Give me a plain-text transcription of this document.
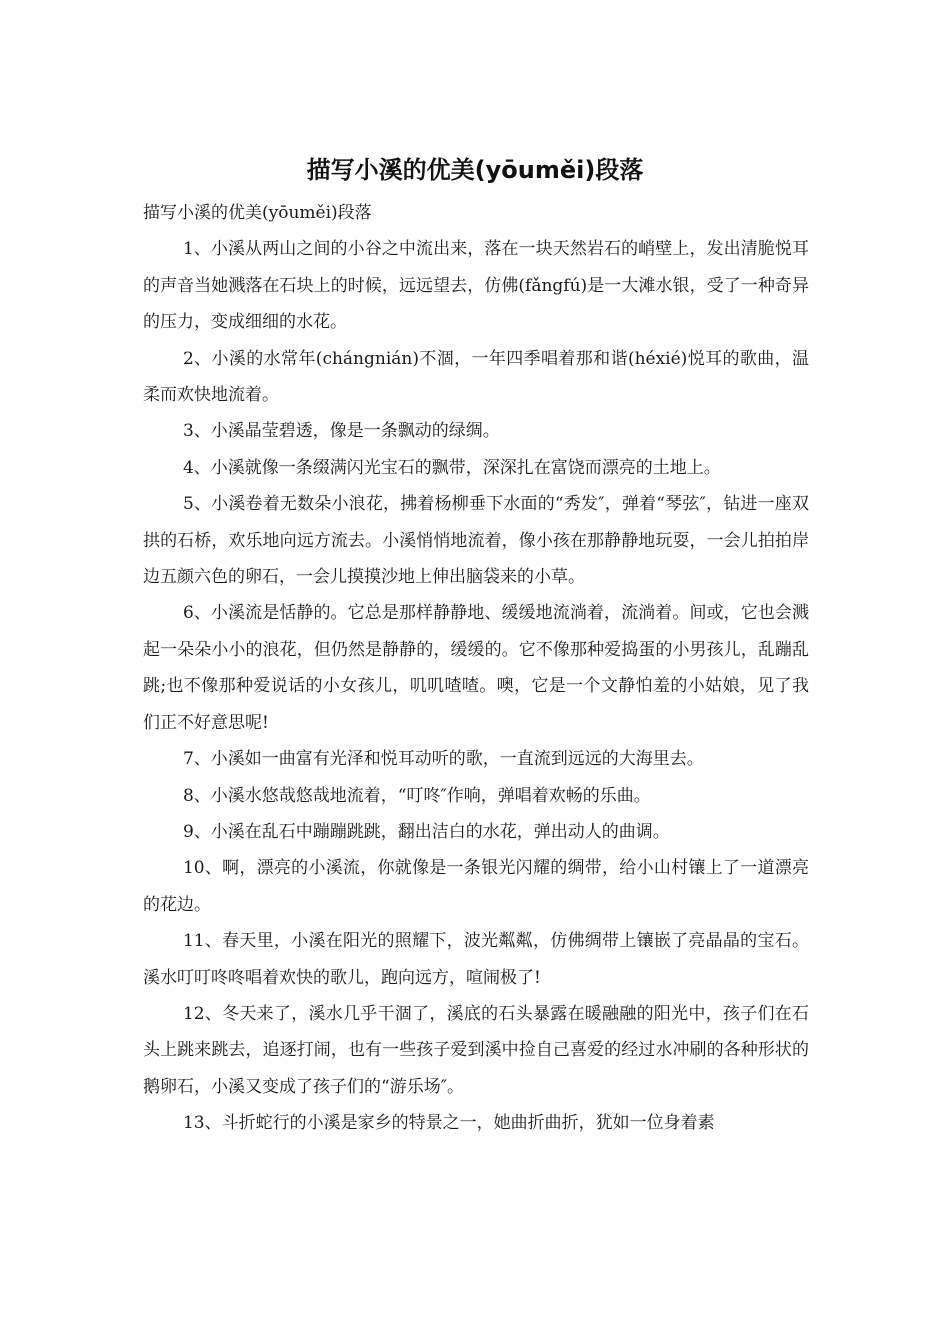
描写小溪的优美(yōuměi)段落

描写小溪的优美(yōuměi)段落

1、小溪从两山之间的小谷之中流出来，落在一块天然岩石的峭壁上，发出清脆悦耳的声音当她溅落在石块上的时候，远远望去，仿佛(fǎngfú)是一大滩水银，受了一种奇异的压力，变成细细的水花。

2、小溪的水常年(chángnián)不涸，一年四季唱着那和谐(héxié)悦耳的歌曲，温柔而欢快地流着。

3、小溪晶莹碧透，像是一条飘动的绿绸。

4、小溪就像一条缀满闪光宝石的飘带，深深扎在富饶而漂亮的土地上。

5、小溪卷着无数朵小浪花，拂着杨柳垂下水面的“秀发″，弹着“琴弦″，钻进一座双拱的石桥，欢乐地向远方流去。小溪悄悄地流着，像小孩在那静静地玩耍，一会儿拍拍岸边五颜六色的卵石，一会儿摸摸沙地上伸出脑袋来的小草。

6、小溪流是恬静的。它总是那样静静地、缓缓地流淌着，流淌着。间或，它也会溅起一朵朵小小的浪花，但仍然是静静的，缓缓的。它不像那种爱捣蛋的小男孩儿，乱蹦乱跳;也不像那种爱说话的小女孩儿，叽叽喳喳。噢，它是一个文静怕羞的小姑娘，见了我们正不好意思呢!

7、小溪如一曲富有光泽和悦耳动听的歌，一直流到远远的大海里去。

8、小溪水悠哉悠哉地流着，“叮咚″作响，弹唱着欢畅的乐曲。

9、小溪在乱石中蹦蹦跳跳，翻出洁白的水花，弹出动人的曲调。

10、啊，漂亮的小溪流，你就像是一条银光闪耀的绸带，给小山村镶上了一道漂亮的花边。

11、春天里，小溪在阳光的照耀下，波光粼粼，仿佛绸带上镶嵌了亮晶晶的宝石。溪水叮叮咚咚唱着欢快的歌儿，跑向远方，喧闹极了!

12、冬天来了，溪水几乎干涸了，溪底的石头暴露在暖融融的阳光中，孩子们在石头上跳来跳去，追逐打闹，也有一些孩子爱到溪中捡自己喜爱的经过水冲刷的各种形状的鹅卵石，小溪又变成了孩子们的“游乐场″。

13、斗折蛇行的小溪是家乡的特景之一，她曲折曲折，犹如一位身着素
